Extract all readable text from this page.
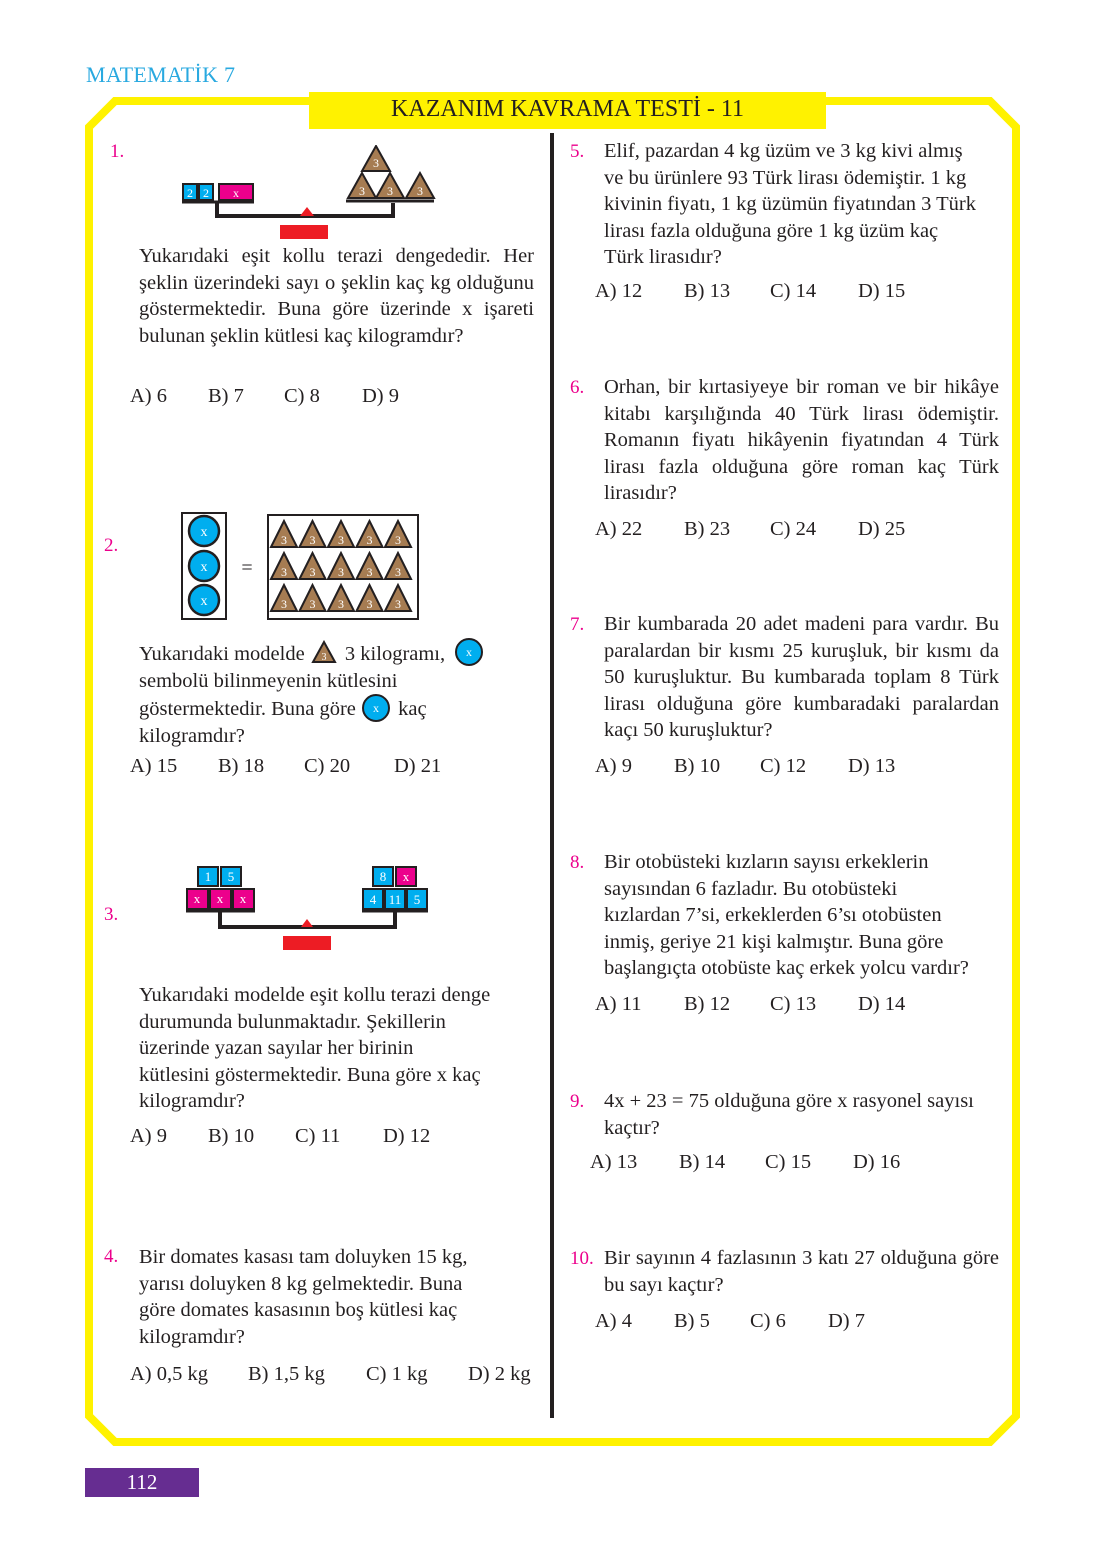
MATEMATİK 7
KAZANIM KAVRAMA TESTİ - 11
1.
2 2 x
3
3 3 3
Yukarıdaki eşit kollu terazi dengededir. Her şeklin üzerindeki sayı o şeklin kaç kg olduğunu göstermektedir. Buna göre üzerinde x işareti bulunan şeklin kütlesi kaç kilogramdır?
A) 6	B) 7	C) 8	D) 9
2.
x
x
x
=
3 3 3 3 3
3 3 3 3 3
3 3 3 3 3
Yukarıdaki modelde 3 3 kilogramı, x
sembolü bilinmeyenin kütlesini
göstermektedir. Buna göre x kaç
kilogramdır?
A) 15	B) 18	C) 20	D) 21
3.
1 5
x x x
8 x
4 11 5
Yukarıdaki modelde eşit kollu terazi denge
durumunda bulunmaktadır. Şekillerin
üzerinde yazan sayılar her birinin
kütlesini göstermektedir. Buna göre x kaç
kilogramdır?
A) 9	B) 10	C) 11	D) 12
4. Bir domates kasası tam doluyken 15 kg,
yarısı doluyken 8 kg gelmektedir. Buna
göre domates kasasının boş kütlesi kaç
kilogramdır?
A) 0,5 kg	B) 1,5 kg	C) 1 kg	D) 2 kg
5. Elif, pazardan 4 kg üzüm ve 3 kg kivi almış
ve bu ürünlere 93 Türk lirası ödemiştir. 1 kg
kivinin fiyatı, 1 kg üzümün fiyatından 3 Türk
lirası fazla olduğuna göre 1 kg üzüm kaç
Türk lirasıdır?
A) 12	B) 13	C) 14	D) 15
6. Orhan, bir kırtasiyeye bir roman ve bir hikâye kitabı karşılığında 40 Türk lirası ödemiştir. Romanın fiyatı hikâyenin fiyatından 4 Türk lirası fazla olduğuna göre roman kaç Türk lirasıdır?
A) 22	B) 23	C) 24	D) 25
7. Bir kumbarada 20 adet madeni para vardır. Bu paralardan bir kısmı 25 kuruşluk, bir kısmı da 50 kuruşluktur. Bu kumbarada toplam 8 Türk lirası olduğuna göre kumbaradaki paralardan kaçı 50 kuruşluktur?
A) 9	B) 10	C) 12	D) 13
8. Bir otobüsteki kızların sayısı erkeklerin
sayısından 6 fazladır. Bu otobüsteki
kızlardan 7’si, erkeklerden 6’sı otobüsten
inmiş, geriye 21 kişi kalmıştır. Buna göre
başlangıçta otobüste kaç erkek yolcu vardır?
A) 11	B) 12	C) 13	D) 14
9. 4x + 23 = 75 olduğuna göre x rasyonel sayısı kaçtır?
A) 13	B) 14	C) 15	D) 16
10. Bir sayının 4 fazlasının 3 katı 27 olduğuna göre bu sayı kaçtır?
A) 4	B) 5	C) 6	D) 7
112
